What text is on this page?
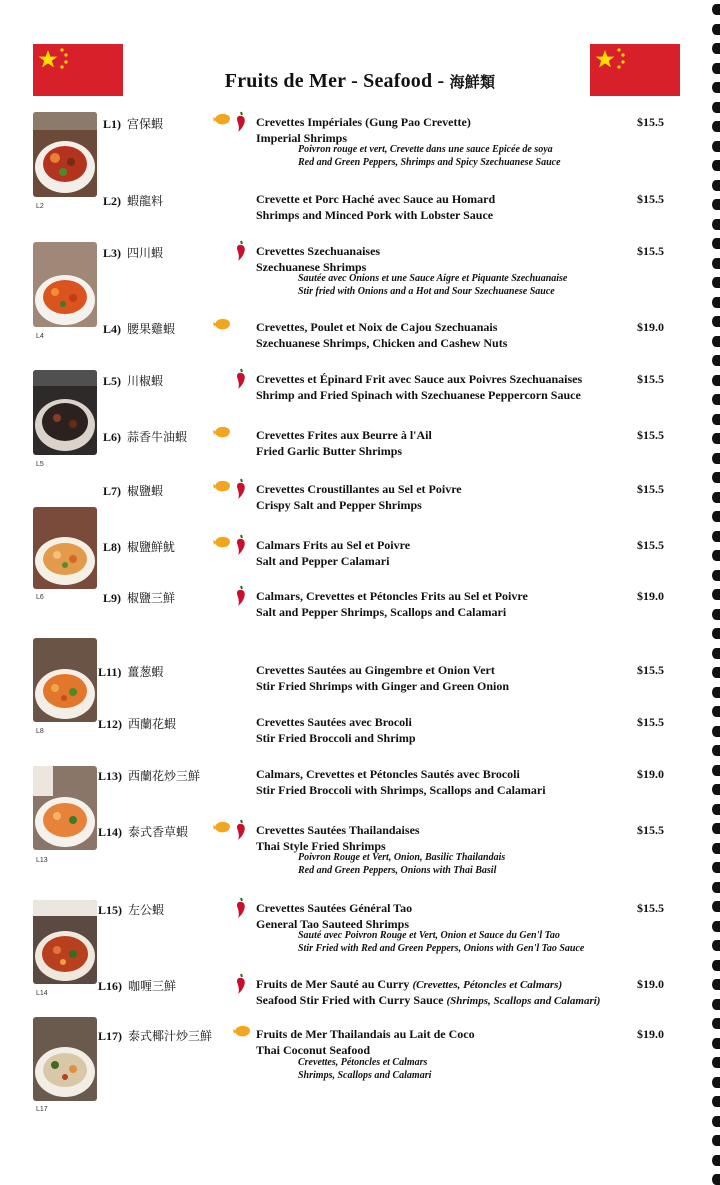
Fruits de Mer - Seafood - 海鮮類
L2
L4
L5
L6
L8
L13
L14
L17
L1) 宫保蝦	Crevettes Impériales (Gung Pao Crevette)
Imperial Shrimps
Poivron rouge et vert, Crevette dans une sauce Epicée de soya
Red and Green Peppers, Shrimps and Spicy Szechuanese Sauce
$15.5
L2) 蝦龍料	Crevette et Porc Haché avec Sauce au Homard
Shrimps and Minced Pork with Lobster Sauce
$15.5
L3) 四川蝦	Crevettes Szechuanaises
Szechuanese Shrimps
Sautée avec Onions et une Sauce Aigre et Piquante Szechuanaise
Stir fried with Onions and a Hot and Sour Szechuanese Sauce
$15.5
L4) 腰果雞蝦	Crevettes, Poulet et Noix de Cajou Szechuanais
Szechuanese Shrimps, Chicken and Cashew Nuts
$19.0
L5) 川椒蝦	Crevettes et Épinard Frit avec Sauce aux Poivres Szechuanaises
Shrimp and Fried Spinach with Szechuanese Peppercorn Sauce
$15.5
L6) 蒜香牛油蝦	Crevettes Frites aux Beurre à l'Ail
Fried Garlic Butter Shrimps
$15.5
L7) 椒鹽蝦	Crevettes Croustillantes au Sel et Poivre
Crispy Salt and Pepper Shrimps
$15.5
L8) 椒鹽鮮魷	Calmars Frits au Sel et Poivre
Salt and Pepper Calamari
$15.5
L9) 椒鹽三鮮	Calmars, Crevettes et Pétoncles Frits au Sel et Poivre
Salt and Pepper Shrimps, Scallops and Calamari
$19.0
L11) 薑葱蝦	Crevettes Sautées au Gingembre et Onion Vert
Stir Fried Shrimps with Ginger and Green Onion
$15.5
L12) 西蘭花蝦	Crevettes Sautées avec Brocoli
Stir Fried Broccoli and Shrimp
$15.5
L13) 西蘭花炒三鮮	Calmars, Crevettes et Pétoncles Sautés avec Brocoli
Stir Fried Broccoli with Shrimps, Scallops and Calamari
$19.0
L14) 泰式香草蝦	Crevettes Sautées Thailandaises
Thai Style Fried Shrimps
Poivron Rouge et Vert, Onion, Basilic Thailandais
Red and Green Peppers, Onions with Thai Basil
$15.5
L15) 左公蝦	Crevettes Sautées Général Tao
General Tao Sauteed Shrimps
Sauté avec Poivron Rouge et Vert, Onion et Sauce du Gen'l Tao
Stir Fried with Red and Green Peppers, Onions with Gen'l Tao Sauce
$15.5
L16) 咖喱三鮮	Fruits de Mer Sauté au Curry (Crevettes, Pétoncles et Calmars)
Seafood Stir Fried with Curry Sauce (Shrimps, Scallops and Calamari)
$19.0
L17) 泰式椰汁炒三鮮	Fruits de Mer Thailandais au Lait de Coco
Thai Coconut Seafood
Crevettes, Pétoncles et Calmars
Shrimps, Scallops and Calamari
$19.0
